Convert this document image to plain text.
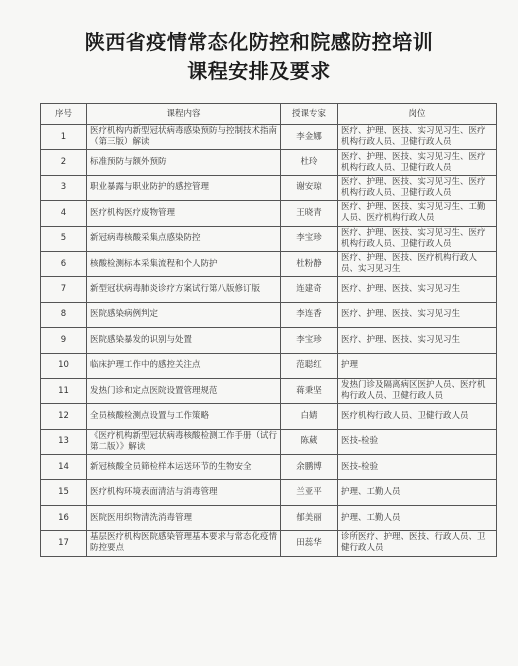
陕西省疫情常态化防控和院感防控培训
课程安排及要求
序号	课程内容	授课专家	岗位
1	医疗机构内新型冠状病毒感染预防与控制技术指南（第三版）解读	李金娜	医疗、护理、医技、实习见习生、医疗机构行政人员、卫健行政人员
2	标准预防与额外预防	杜玲	医疗、护理、医技、实习见习生、医疗机构行政人员、卫健行政人员
3	职业暴露与职业防护的感控管理	谢安琼	医疗、护理、医技、实习见习生、医疗机构行政人员、卫健行政人员
4	医疗机构医疗废物管理	王晓青	医疗、护理、医技、实习见习生、工勤人员、医疗机构行政人员
5	新冠病毒核酸采集点感染防控	李宝珍	医疗、护理、医技、实习见习生、医疗机构行政人员、卫健行政人员
6	核酸检测标本采集流程和个人防护	杜粉静	医疗、护理、医技、医疗机构行政人员、实习见习生
7	新型冠状病毒肺炎诊疗方案试行第八版修订版	连建奇	医疗、护理、医技、实习见习生
8	医院感染病例判定	李连香	医疗、护理、医技、实习见习生
9	医院感染暴发的识别与处置	李宝珍	医疗、护理、医技、实习见习生
10	临床护理工作中的感控关注点	范聪红	护理
11	发热门诊和定点医院设置管理规范	蒋秉坚	发热门诊及隔离病区医护人员、医疗机构行政人员、卫健行政人员
12	全员核酸检测点设置与工作策略	白婧	医疗机构行政人员、卫健行政人员
13	《医疗机构新型冠状病毒核酸检测工作手册（试行第二版）》解读	陈葳	医技-检验
14	新冠核酸全员筛检样本运送环节的生物安全	余鹏博	医技-检验
15	医疗机构环境表面清洁与消毒管理	兰亚平	护理、工勤人员
16	医院医用织物清洗消毒管理	郁美丽	护理、工勤人员
17	基层医疗机构医院感染管理基本要求与常态化疫情防控要点	田蕊华	诊所医疗、护理、医技、行政人员、卫健行政人员
